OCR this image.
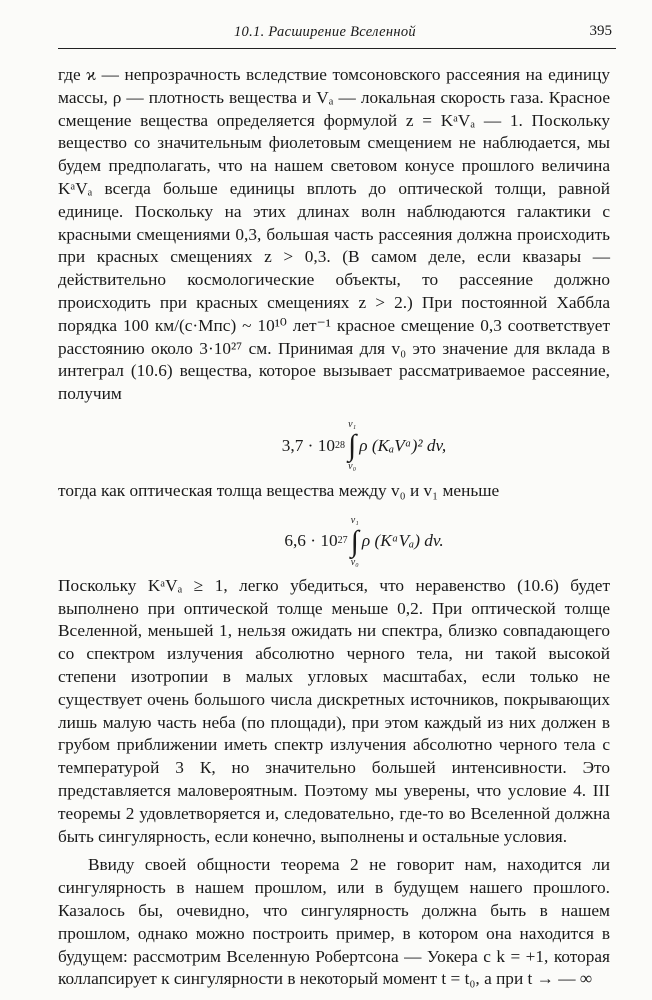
10.1. Расширение Вселенной	395

где ϰ — непрозрачность вследствие томсоновского рассеяния на единицу массы, ρ — плотность вещества и Vₐ — локальная скорость газа. Красное смещение вещества определяется формулой z = KᵃVₐ — 1. Поскольку вещество со значительным фиолетовым смещением не наблюдается, мы будем предполагать, что на нашем световом конусе прошлого величина KᵃVₐ всегда больше единицы вплоть до оптической толщи, равной единице. Поскольку на этих длинах волн наблюдаются галактики с красными смещениями 0,3, большая часть рассеяния должна происходить при красных смещениях z > 0,3. (В самом деле, если квазары — действительно космологические объекты, то рассеяние должно происходить при красных смещениях z > 2.) При постоянной Хаббла порядка 100 км/(с·Мпс) ~ 10¹⁰ лет⁻¹ красное смещение 0,3 соответствует расстоянию около 3·10²⁷ см. Принимая для v₀ это значение для вклада в интеграл (10.6) вещества, которое вызывает рассматриваемое рассеяние, получим

3,7 · 10 28
v₁
∫
v₀
ρ (KₐVᵃ)² dv,

тогда как оптическая толща вещества между v₀ и v₁ меньше

6,6 · 10 27
v₁
∫
v₀
ρ (KᵃVₐ) dv.

Поскольку KᵃVₐ ≥ 1, легко убедиться, что неравенство (10.6) будет выполнено при оптической толще меньше 0,2. При оптической толще Вселенной, меньшей 1, нельзя ожидать ни спектра, близко совпадающего со спектром излучения абсолютно черного тела, ни такой высокой степени изотропии в малых угловых масштабах, если только не существует очень большого числа дискретных источников, покрывающих лишь малую часть неба (по площади), при этом каждый из них должен в грубом приближении иметь спектр излучения абсолютно черного тела с температурой 3 К, но значительно большей интенсивности. Это представляется маловероятным. Поэтому мы уверены, что условие 4. III теоремы 2 удовлетворяется и, следовательно, где-то во Вселенной должна быть сингулярность, если конечно, выполнены и остальные условия.

Ввиду своей общности теорема 2 не говорит нам, находится ли сингулярность в нашем прошлом, или в будущем нашего прошлого. Казалось бы, очевидно, что сингулярность должна быть в нашем прошлом, однако можно построить пример, в котором она находится в будущем: рассмотрим Вселенную Робертсона — Уокера с k = +1, которая коллапсирует к сингулярности в некоторый момент t = t₀, а при t → — ∞
